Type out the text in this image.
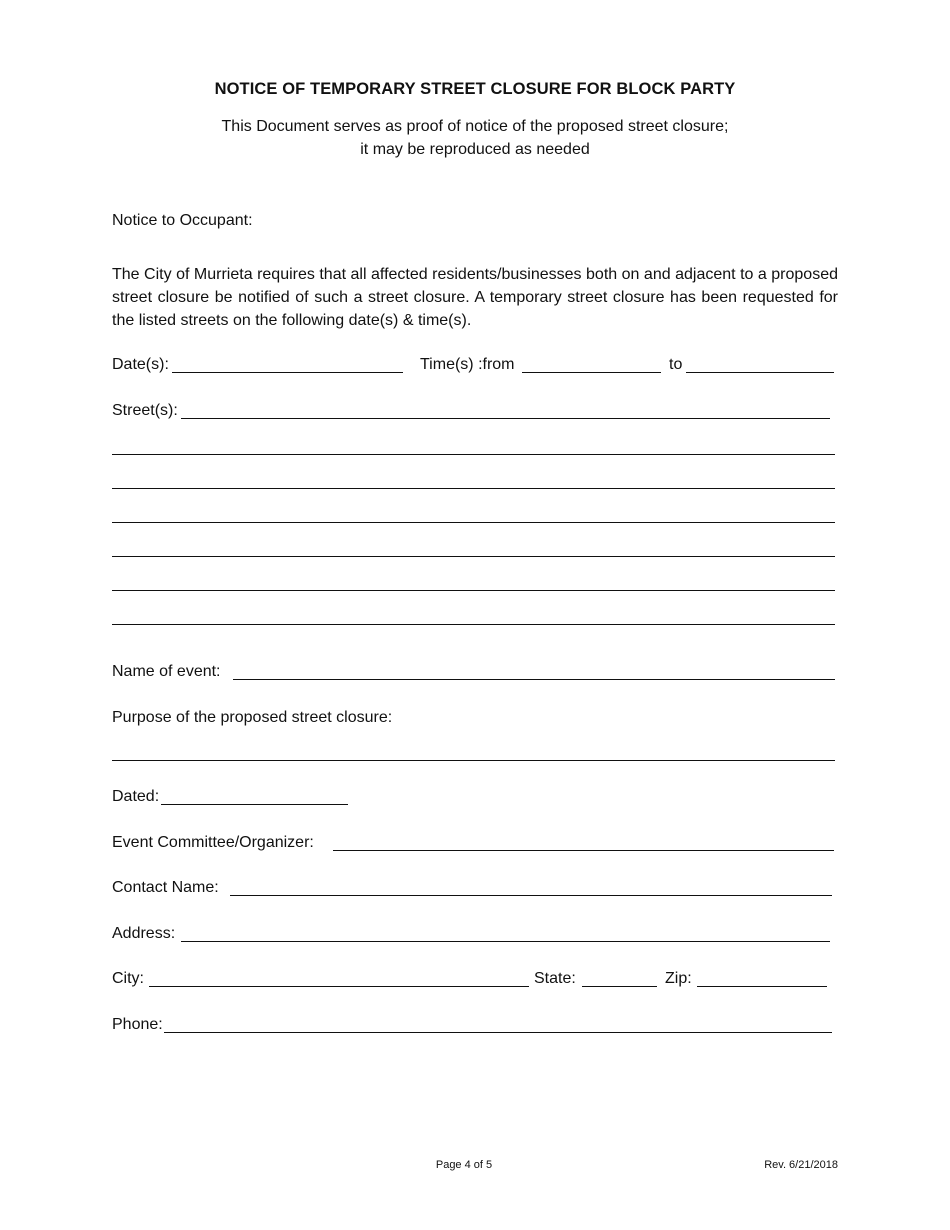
NOTICE OF TEMPORARY STREET CLOSURE FOR BLOCK PARTY
This Document serves as proof of notice of the proposed street closure;
it may be reproduced as needed
Notice to Occupant:
The City of Murrieta requires that all affected residents/businesses both on and adjacent to a proposed street closure be notified of such a street closure. A temporary street closure has been requested for the listed streets on the following date(s) & time(s).
Date(s):	Time(s) :from	to
Street(s):
Name of event:
Purpose of the proposed street closure:
Dated:
Event Committee/Organizer:
Contact Name:
Address:
City:	State:	Zip:
Phone:
Page 4 of 5	Rev. 6/21/2018
